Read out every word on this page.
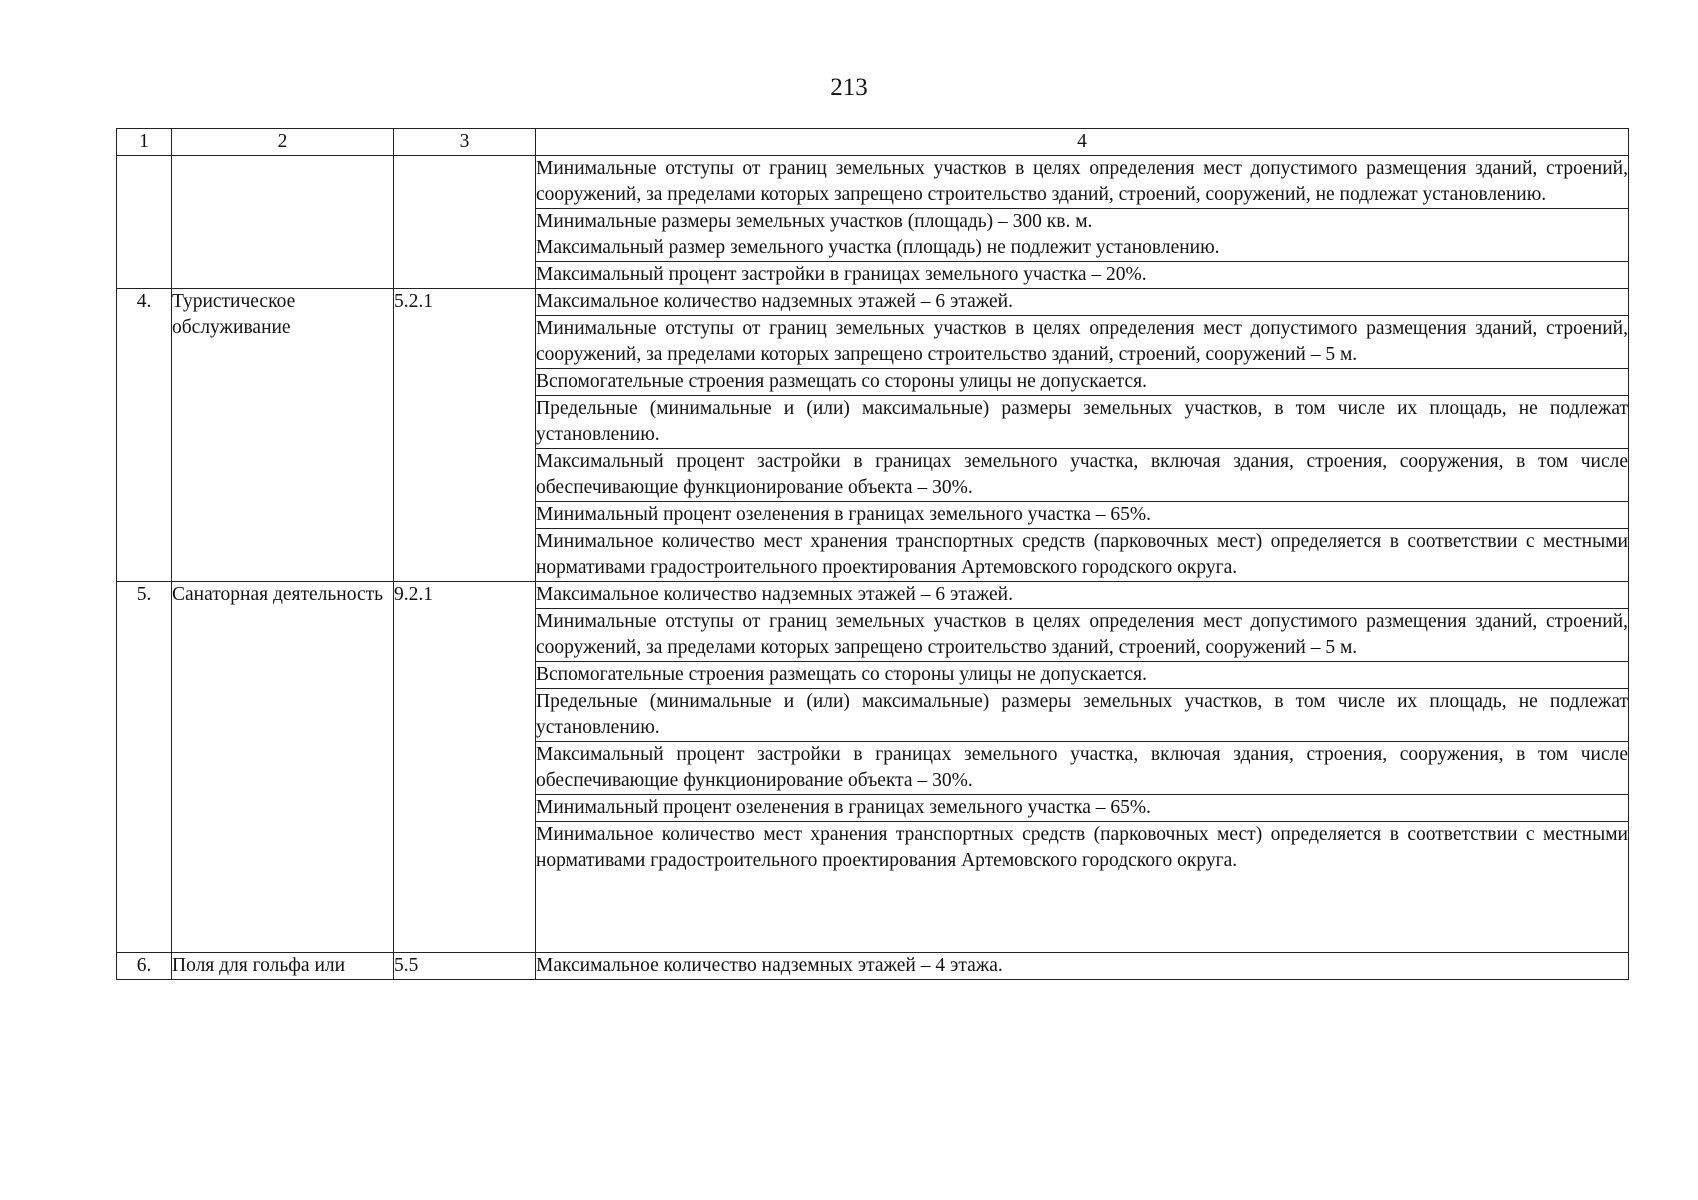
213
1	2	3	4
			Минимальные отступы от границ земельных участков в целях определения мест допустимого размещения зданий, строений, сооружений, за пределами которых запрещено строительство зданий, строений, сооружений, не подлежат установлению.

			Минимальные размеры земельных участков (площадь) – 300 кв. м.
Максимальный размер земельного участка (площадь) не подлежит установлению.

			Максимальный процент застройки в границах земельного участка – 20%.
4.	Туристическое обслуживание	5.2.1	Максимальное количество надземных этажей – 6 этажей.
			Минимальные отступы от границ земельных участков в целях определения мест допустимого размещения зданий, строений, сооружений, за пределами которых запрещено строительство зданий, строений, сооружений – 5 м.
			Вспомогательные строения размещать со стороны улицы не допускается.
			Предельные (минимальные и (или) максимальные) размеры земельных участков, в том числе их площадь, не подлежат установлению.
			Максимальный процент застройки в границах земельного участка, включая здания, строения, сооружения, в том числе обеспечивающие функционирование объекта – 30%.
			Минимальный процент озеленения в границах земельного участка – 65%.
			Минимальное количество мест хранения транспортных средств (парковочных мест) определяется в соответствии с местными нормативами градостроительного проектирования Артемовского городского округа.
5.	Санаторная деятельность	9.2.1	Максимальное количество надземных этажей – 6 этажей.
			Минимальные отступы от границ земельных участков в целях определения мест допустимого размещения зданий, строений, сооружений, за пределами которых запрещено строительство зданий, строений, сооружений – 5 м.
			Вспомогательные строения размещать со стороны улицы не допускается.
			Предельные (минимальные и (или) максимальные) размеры земельных участков, в том числе их площадь, не подлежат установлению.
			Максимальный процент застройки в границах земельного участка, включая здания, строения, сооружения, в том числе обеспечивающие функционирование объекта – 30%.
			Минимальный процент озеленения в границах земельного участка – 65%.
			Минимальное количество мест хранения транспортных средств (парковочных мест) определяется в соответствии с местными нормативами градостроительного проектирования Артемовского городского округа.
6.	Поля для гольфа или	5.5	Максимальное количество надземных этажей – 4 этажа.
